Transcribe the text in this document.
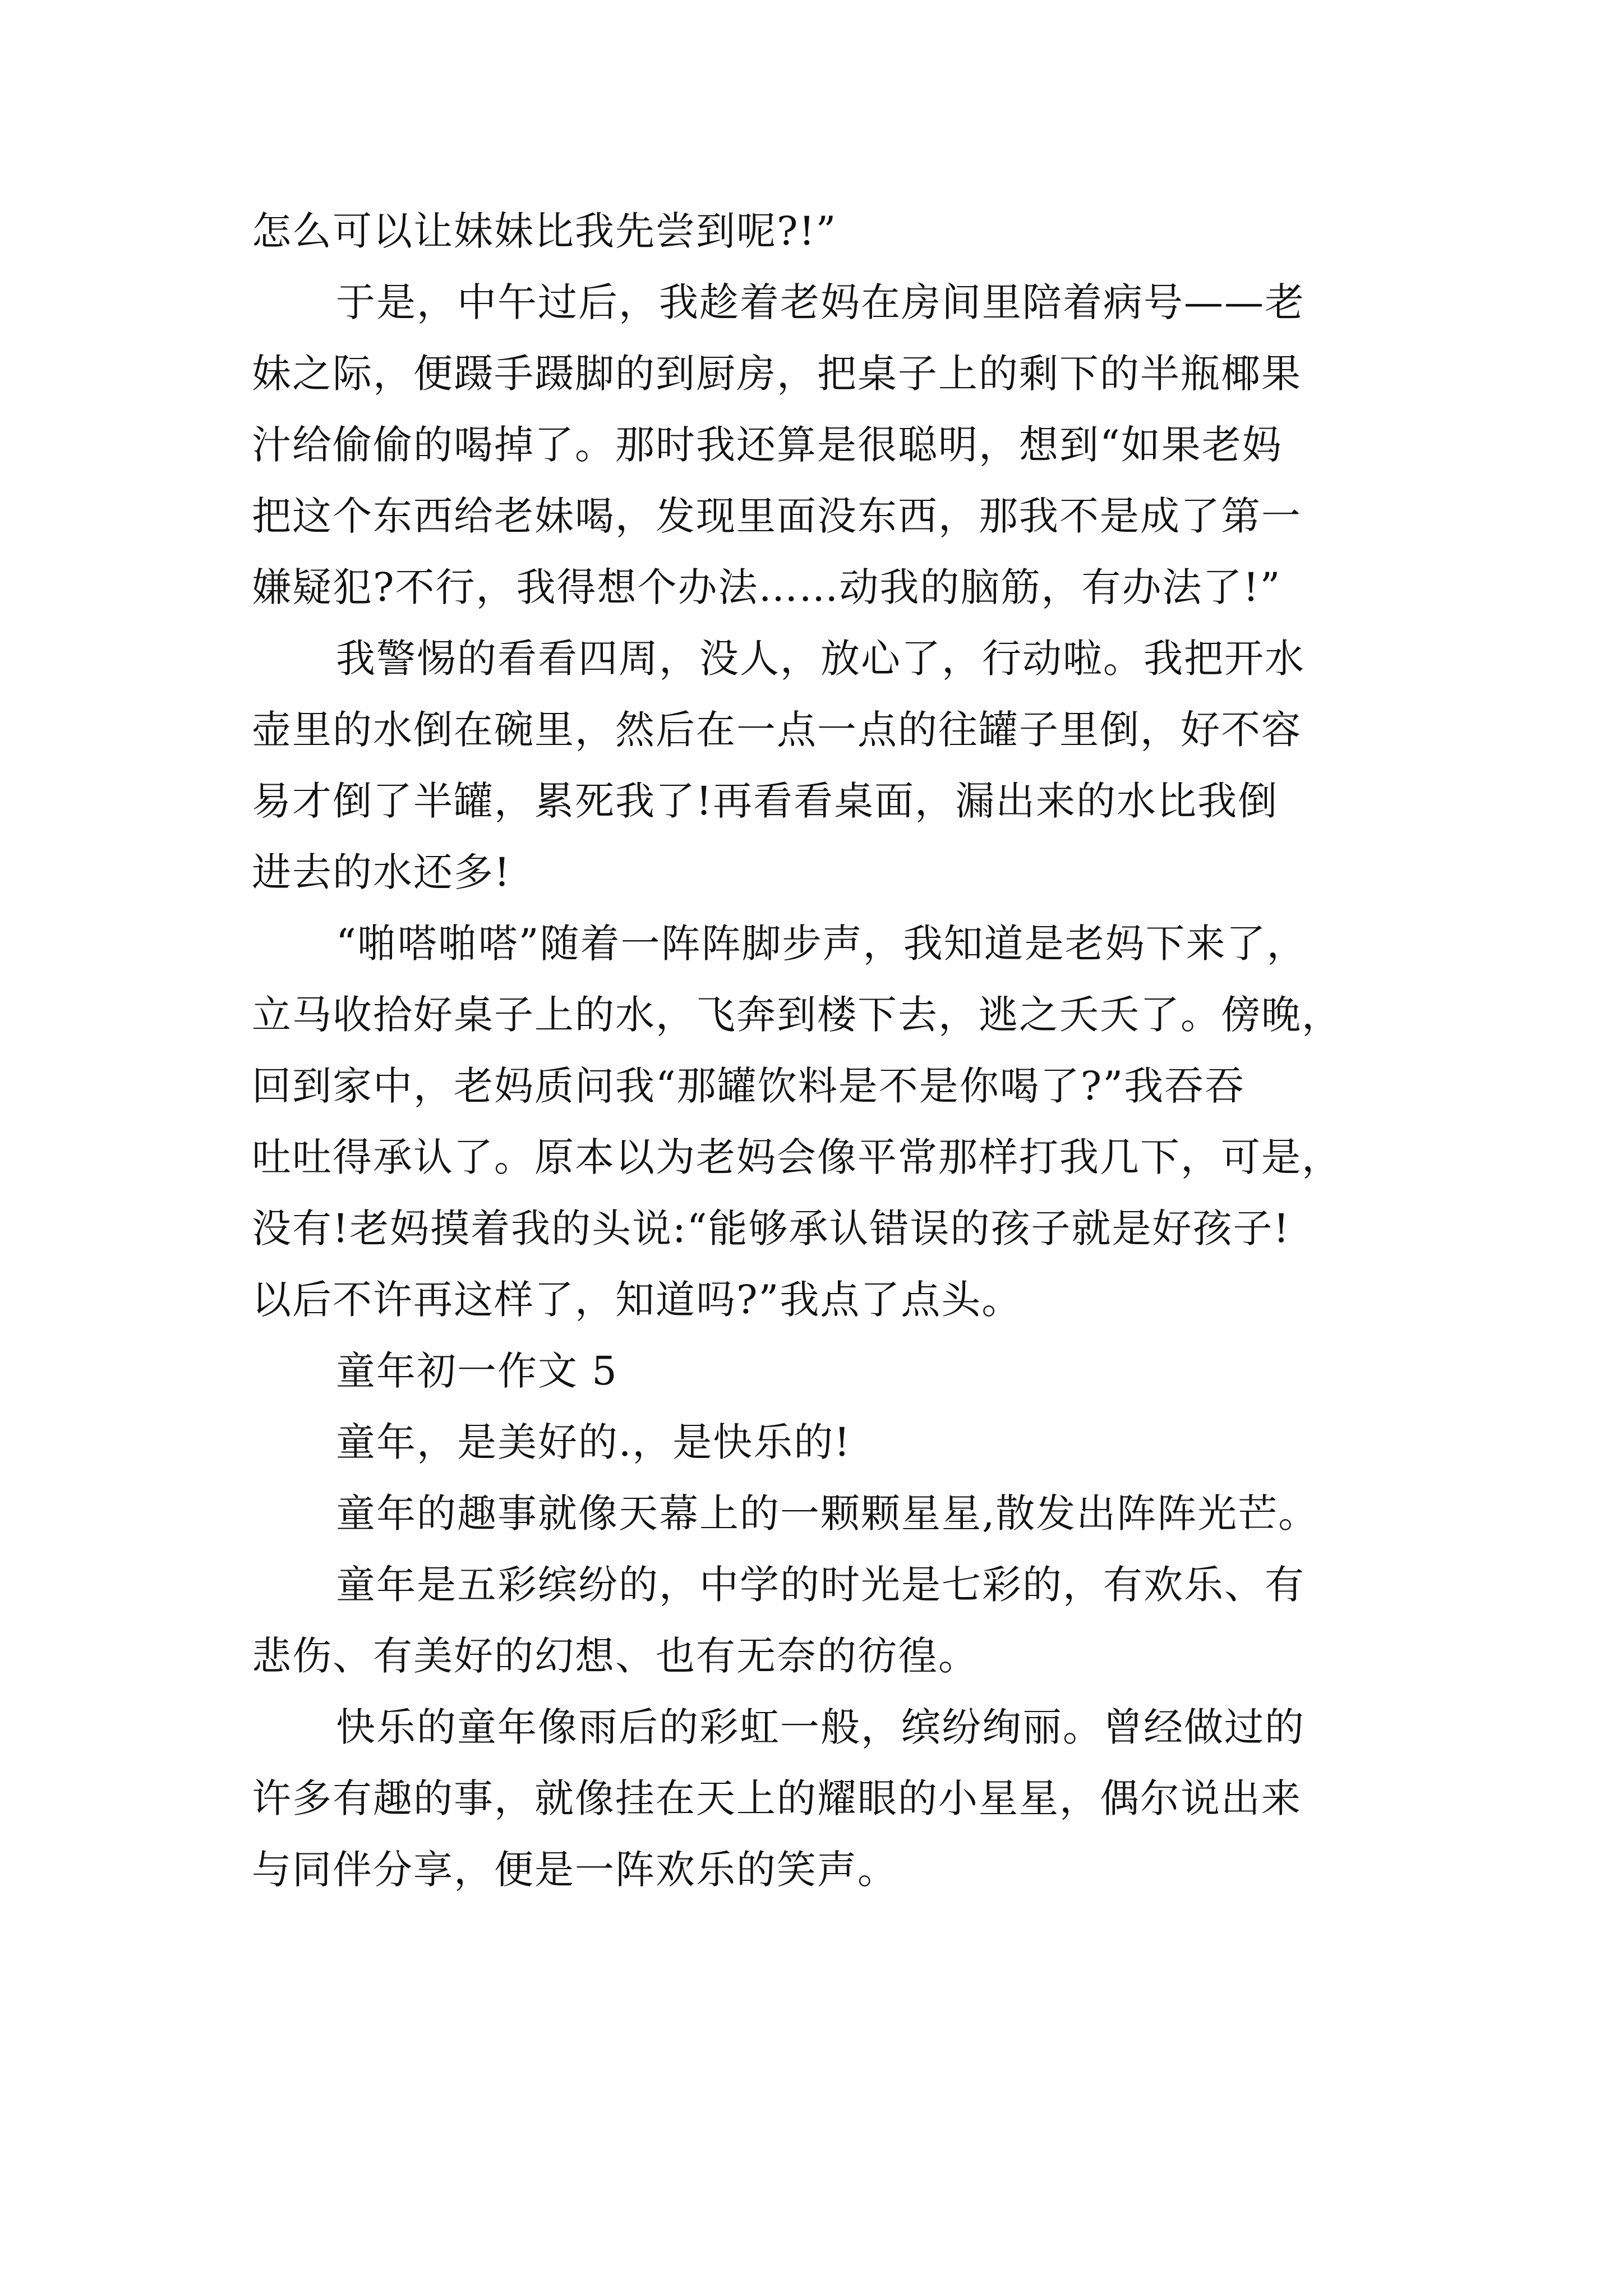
怎么可以让妹妹比我先尝到呢?!”
于是，中午过后，我趁着老妈在房间里陪着病号——老
妹之际，便蹑手蹑脚的到厨房，把桌子上的剩下的半瓶椰果
汁给偷偷的喝掉了。那时我还算是很聪明，想到“如果老妈
把这个东西给老妹喝，发现里面没东西，那我不是成了第一
嫌疑犯?不行，我得想个办法……动我的脑筋，有办法了!”
我警惕的看看四周，没人，放心了，行动啦。我把开水
壶里的水倒在碗里，然后在一点一点的往罐子里倒，好不容
易才倒了半罐，累死我了!再看看桌面，漏出来的水比我倒
进去的水还多!
“啪嗒啪嗒”随着一阵阵脚步声，我知道是老妈下来了，
立马收拾好桌子上的水，飞奔到楼下去，逃之夭夭了。傍晚，
回到家中，老妈质问我“那罐饮料是不是你喝了?”我吞吞
吐吐得承认了。原本以为老妈会像平常那样打我几下，可是，
没有!老妈摸着我的头说:“能够承认错误的孩子就是好孩子!
以后不许再这样了，知道吗?”我点了点头。
童年初一作文 5
童年，是美好的.，是快乐的!
童年的趣事就像天幕上的一颗颗星星,散发出阵阵光芒。
童年是五彩缤纷的，中学的时光是七彩的，有欢乐、有
悲伤、有美好的幻想、也有无奈的彷徨。
快乐的童年像雨后的彩虹一般，缤纷绚丽。曾经做过的
许多有趣的事，就像挂在天上的耀眼的小星星，偶尔说出来
与同伴分享，便是一阵欢乐的笑声。
